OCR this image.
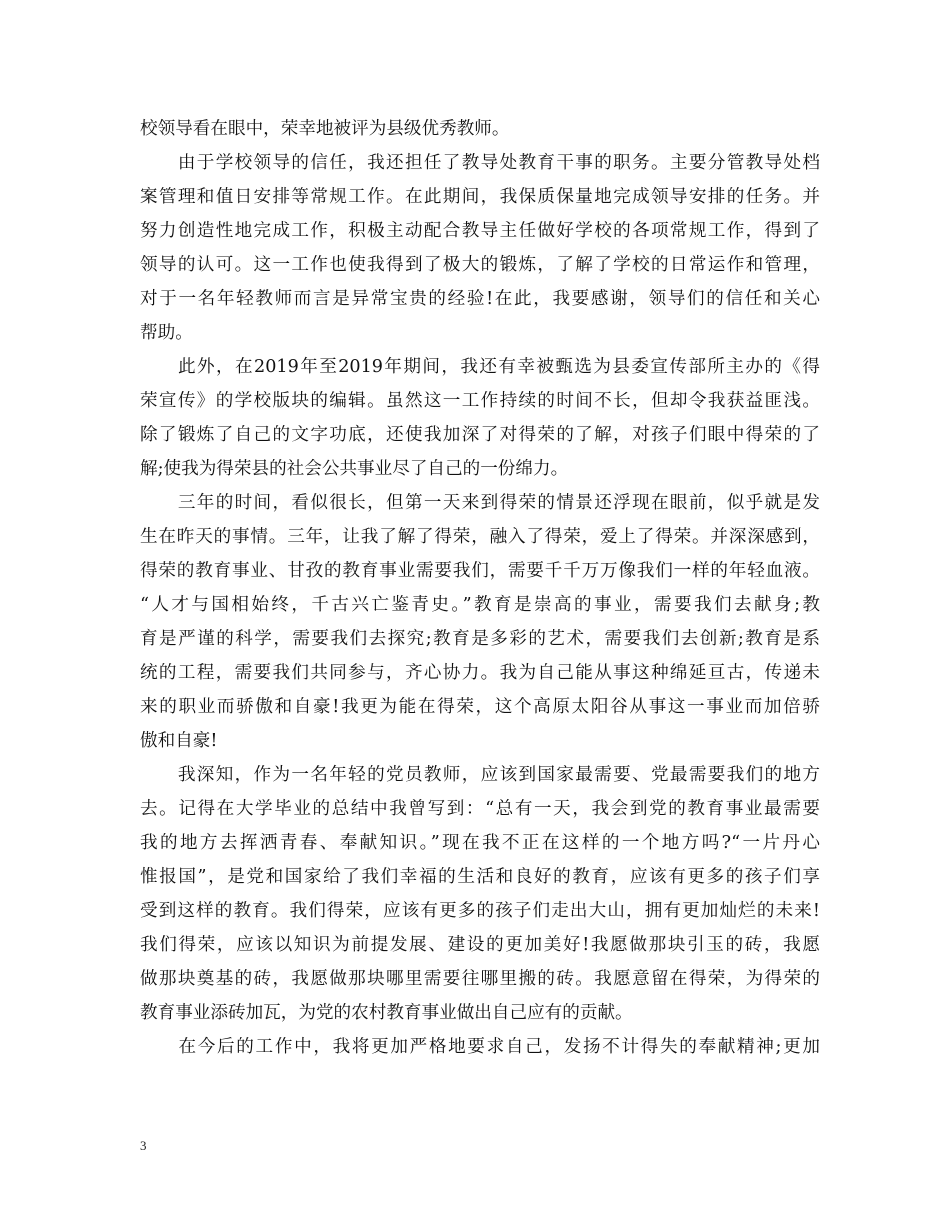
校领导看在眼中，荣幸地被评为县级优秀教师。
　　由于学校领导的信任，我还担任了教导处教育干事的职务。主要分管教导处档
案管理和值日安排等常规工作。在此期间，我保质保量地完成领导安排的任务。并
努力创造性地完成工作，积极主动配合教导主任做好学校的各项常规工作，得到了
领导的认可。这一工作也使我得到了极大的锻炼，了解了学校的日常运作和管理，
对于一名年轻教师而言是异常宝贵的经验!在此，我要感谢，领导们的信任和关心
帮助。
　　此外，在2019年至2019年期间，我还有幸被甄选为县委宣传部所主办的《得
荣宣传》的学校版块的编辑。虽然这一工作持续的时间不长，但却令我获益匪浅。
除了锻炼了自己的文字功底，还使我加深了对得荣的了解，对孩子们眼中得荣的了
解;使我为得荣县的社会公共事业尽了自己的一份绵力。
　　三年的时间，看似很长，但第一天来到得荣的情景还浮现在眼前，似乎就是发
生在昨天的事情。三年，让我了解了得荣，融入了得荣，爱上了得荣。并深深感到，
得荣的教育事业、甘孜的教育事业需要我们，需要千千万万像我们一样的年轻血液。
“人才与国相始终，千古兴亡鉴青史。”教育是崇高的事业，需要我们去献身;教
育是严谨的科学，需要我们去探究;教育是多彩的艺术，需要我们去创新;教育是系
统的工程，需要我们共同参与，齐心协力。我为自己能从事这种绵延亘古，传递未
来的职业而骄傲和自豪!我更为能在得荣，这个高原太阳谷从事这一事业而加倍骄
傲和自豪!
　　我深知，作为一名年轻的党员教师，应该到国家最需要、党最需要我们的地方
去。记得在大学毕业的总结中我曾写到：“总有一天，我会到党的教育事业最需要
我的地方去挥洒青春、奉献知识。”现在我不正在这样的一个地方吗?“一片丹心
惟报国”，是党和国家给了我们幸福的生活和良好的教育，应该有更多的孩子们享
受到这样的教育。我们得荣，应该有更多的孩子们走出大山，拥有更加灿烂的未来!
我们得荣，应该以知识为前提发展、建设的更加美好!我愿做那块引玉的砖，我愿
做那块奠基的砖，我愿做那块哪里需要往哪里搬的砖。我愿意留在得荣，为得荣的
教育事业添砖加瓦，为党的农村教育事业做出自己应有的贡献。
　　在今后的工作中，我将更加严格地要求自己，发扬不计得失的奉献精神;更加
3
